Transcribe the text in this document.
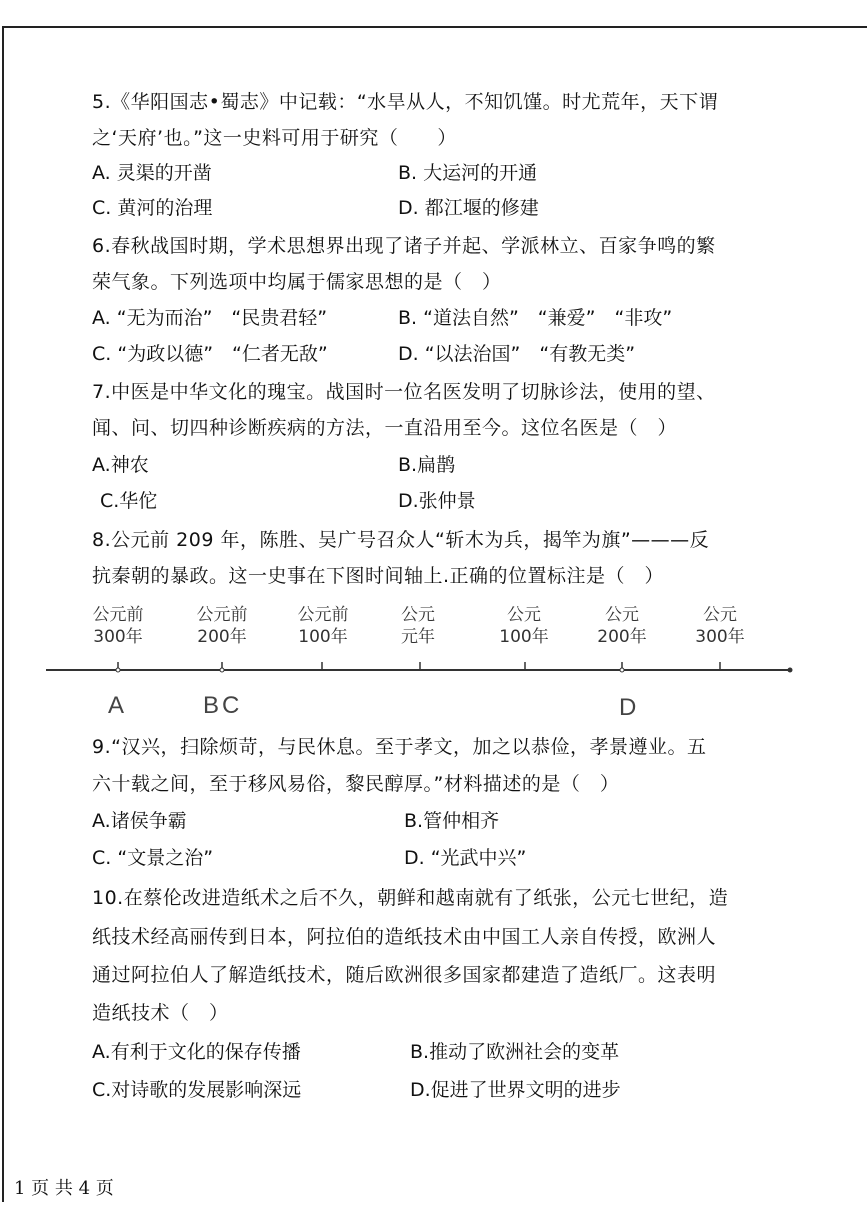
5.《华阳国志•蜀志》中记载：“水旱从人，不知饥馑。时尤荒年，天下谓
之‘天府’也。”这一史料可用于研究（　　）
A. 灵渠的开凿	B. 大运河的开通
C. 黄河的治理	D. 都江堰的修建
6.春秋战国时期，学术思想界出现了诸子并起、学派林立、百家争鸣的繁
荣气象。下列选项中均属于儒家思想的是（　）
A. “无为而治”　“民贵君轻”	B. “道法自然”　“兼爱”　“非攻”
C. “为政以德”　“仁者无敌”	D. “以法治国”　“有教无类”
7.中医是中华文化的瑰宝。战国时一位名医发明了切脉诊法，使用的望、
闻、问、切四种诊断疾病的方法，一直沿用至今。这位名医是（　）
A.神农	B.扁鹊
C.华佗	D.张仲景
8.公元前 209 年，陈胜、吴广号召众人“斩木为兵，揭竿为旗”———反
抗秦朝的暴政。这一史事在下图时间轴上.正确的位置标注是（　）
公元前
300年
公元前
200年
公元前
100年
公元
元年
公元
100年
公元
200年
公元
300年
A	B C	D
9.“汉兴，扫除烦苛，与民休息。至于孝文，加之以恭俭，孝景遵业。五
六十载之间，至于移风易俗，黎民醇厚。”材料描述的是（　）
A.诸侯争霸	B.管仲相齐
C. “文景之治”	D. “光武中兴”
10.在蔡伦改进造纸术之后不久，朝鲜和越南就有了纸张，公元七世纪，造
纸技术经高丽传到日本，阿拉伯的造纸技术由中国工人亲自传授，欧洲人
通过阿拉伯人了解造纸技术，随后欧洲很多国家都建造了造纸厂。这表明
造纸技术（　）
A.有利于文化的保存传播	B.推动了欧洲社会的变革
C.对诗歌的发展影响深远	D.促进了世界文明的进步
1 页 共 4 页
